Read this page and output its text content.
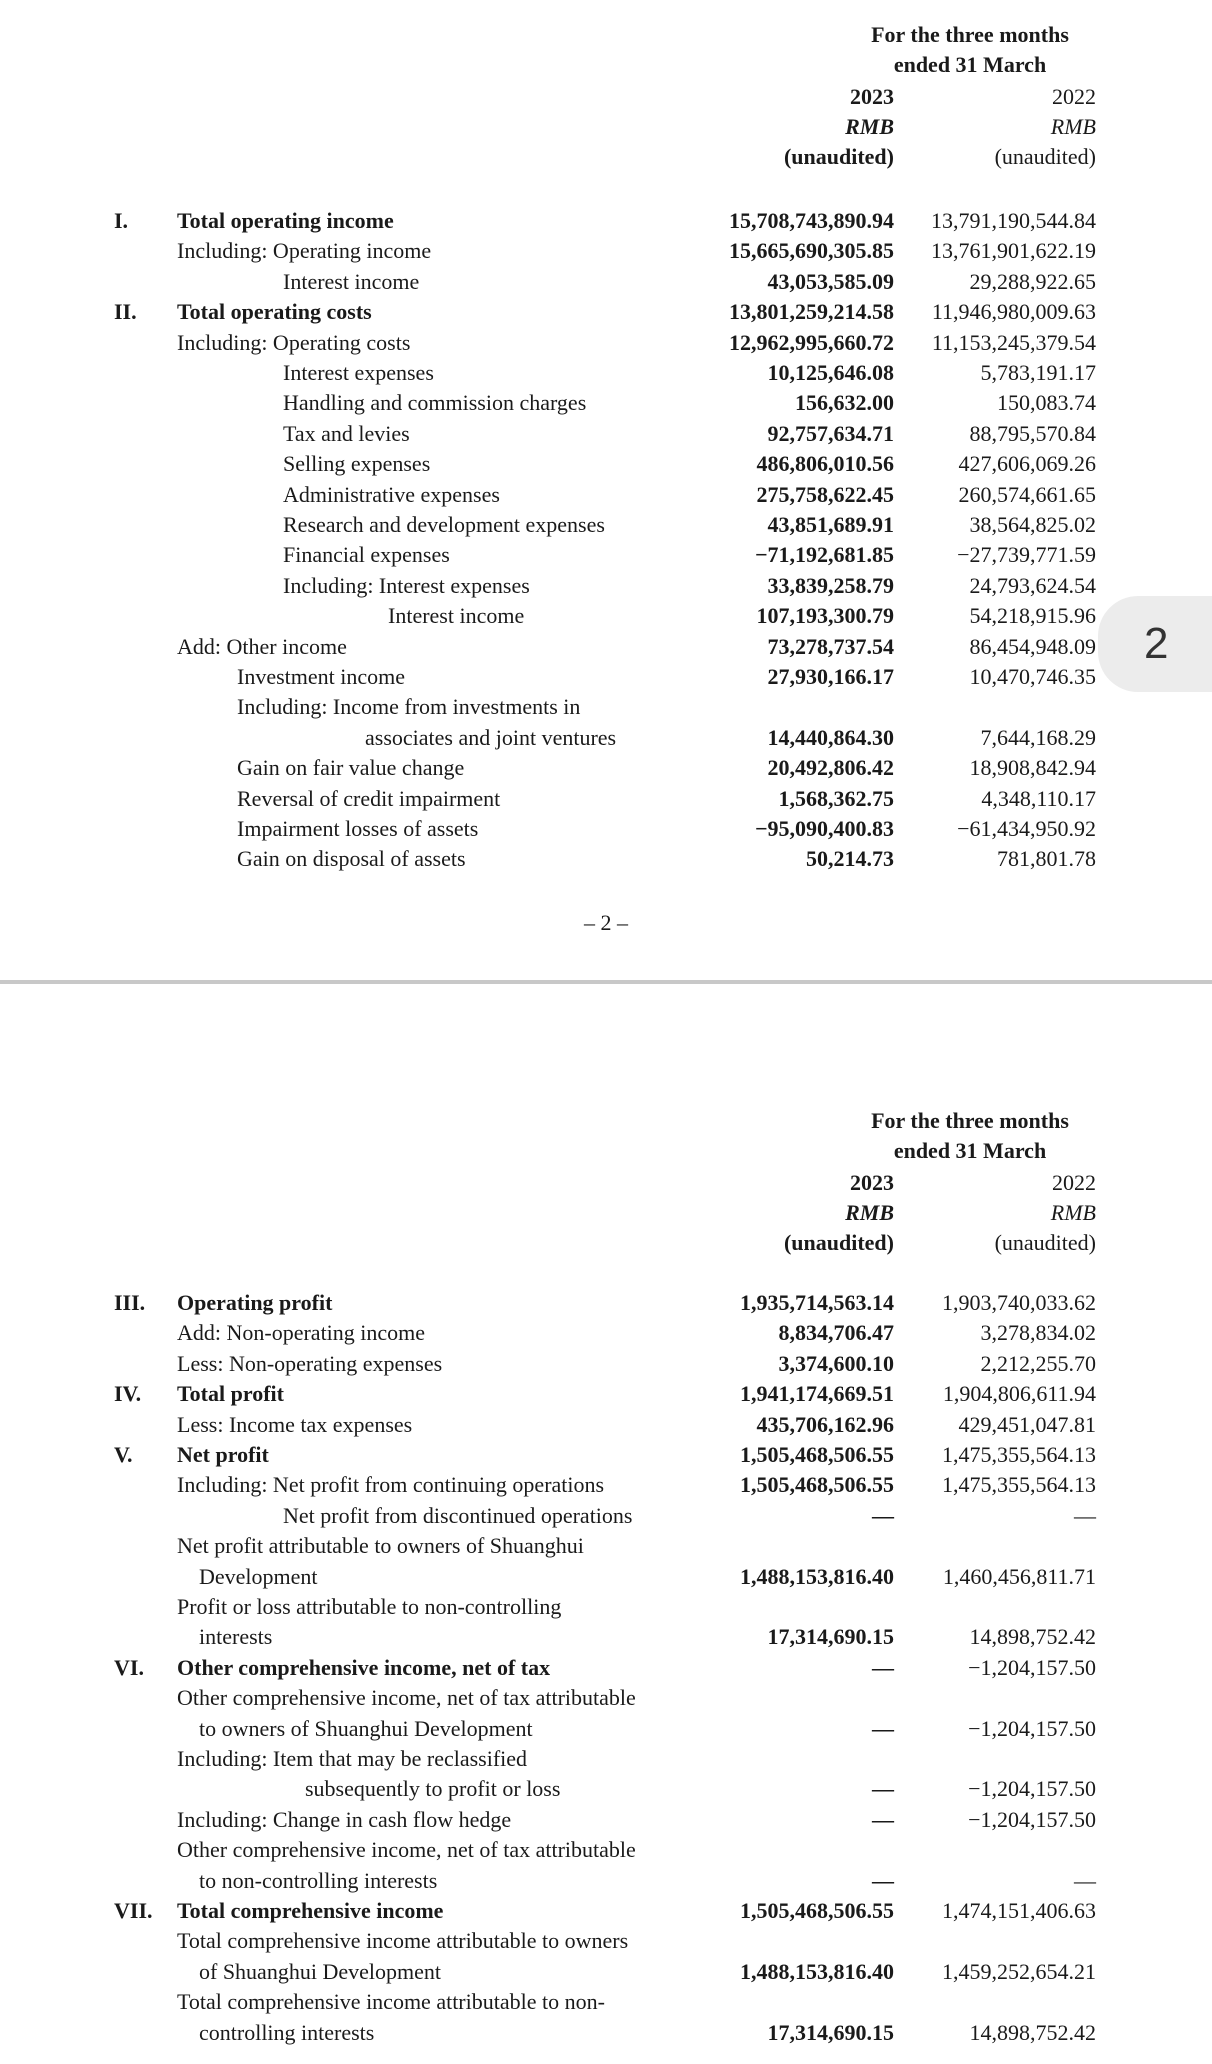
For the three months
ended 31 March
2023	2022
RMB	RMB
(unaudited)	(unaudited)
I. Total operating income	15,708,743,890.94 13,791,190,544.84
Including: Operating income	15,665,690,305.85 13,761,901,622.19
Interest income	43,053,585.09	29,288,922.65
II. Total operating costs	13,801,259,214.58 11,946,980,009.63
Including: Operating costs	12,962,995,660.72 11,153,245,379.54
Interest expenses	10,125,646.08	5,783,191.17
Handling and commission charges	156,632.00	150,083.74
Tax and levies	92,757,634.71	88,795,570.84
Selling expenses	486,806,010.56	427,606,069.26
Administrative expenses	275,758,622.45	260,574,661.65
Research and development expenses	43,851,689.91	38,564,825.02
Financial expenses	−71,192,681.85	−27,739,771.59
Including: Interest expenses	33,839,258.79	24,793,624.54
Interest income	107,193,300.79	54,218,915.96
Add: Other income	73,278,737.54	86,454,948.09
Investment income	27,930,166.17	10,470,746.35
Including: Income from investments in
associates and joint ventures	14,440,864.30	7,644,168.29
Gain on fair value change	20,492,806.42	18,908,842.94
Reversal of credit impairment	1,568,362.75	4,348,110.17
Impairment losses of assets	−95,090,400.83	−61,434,950.92
Gain on disposal of assets	50,214.73	781,801.78
– 2 –
2
For the three months
ended 31 March
2023	2022
RMB	RMB
(unaudited)	(unaudited)
III. Operating profit	1,935,714,563.14 1,903,740,033.62
Add: Non-operating income	8,834,706.47	3,278,834.02
Less: Non-operating expenses	3,374,600.10	2,212,255.70
IV. Total profit	1,941,174,669.51 1,904,806,611.94
Less: Income tax expenses	435,706,162.96	429,451,047.81
V. Net profit	1,505,468,506.55 1,475,355,564.13
Including: Net profit from continuing operations	1,505,468,506.55 1,475,355,564.13
Net profit from discontinued operations	—	—
Net profit attributable to owners of Shuanghui
Development	1,488,153,816.40 1,460,456,811.71
Profit or loss attributable to non-controlling
interests	17,314,690.15	14,898,752.42
VI. Other comprehensive income, net of tax	—	−1,204,157.50
Other comprehensive income, net of tax attributable
to owners of Shuanghui Development	—	−1,204,157.50
Including: Item that may be reclassified
subsequently to profit or loss	—	−1,204,157.50
Including: Change in cash flow hedge	—	−1,204,157.50
Other comprehensive income, net of tax attributable
to non-controlling interests	—	—
VII. Total comprehensive income	1,505,468,506.55 1,474,151,406.63
Total comprehensive income attributable to owners
of Shuanghui Development	1,488,153,816.40 1,459,252,654.21
Total comprehensive income attributable to non-
controlling interests	17,314,690.15	14,898,752.42
